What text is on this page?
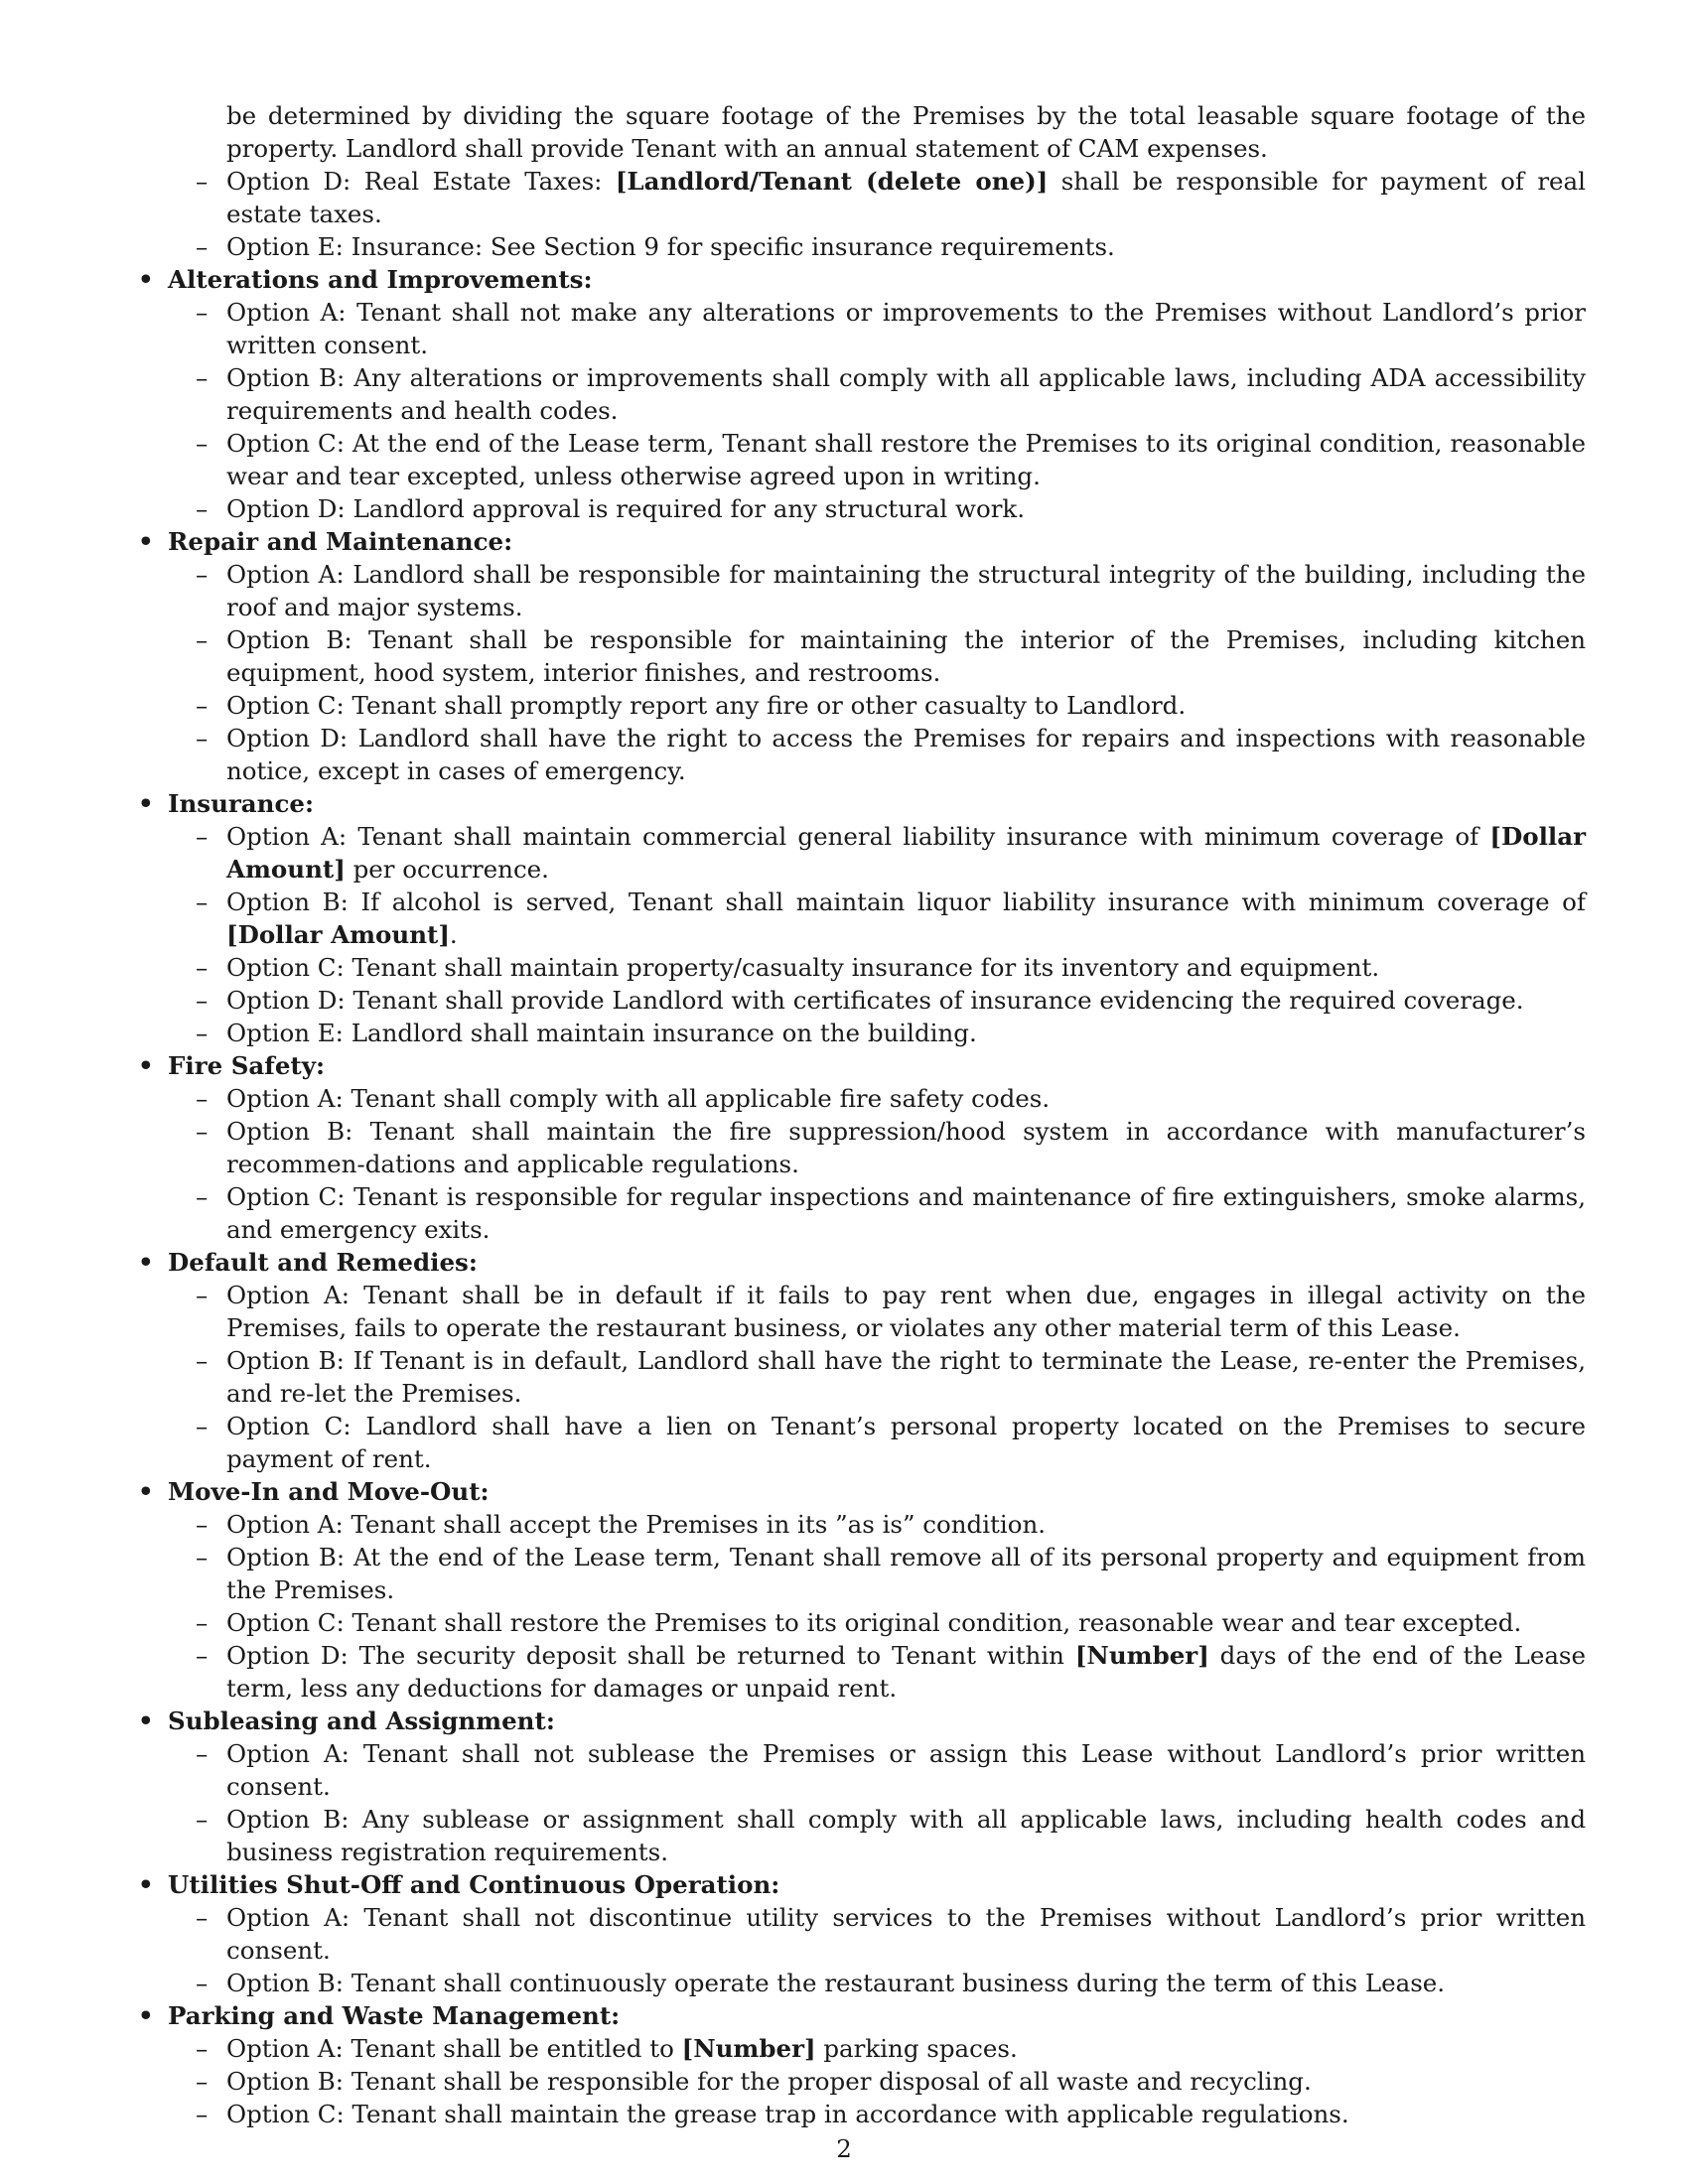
be determined by dividing the square footage of the Premises by the total leasable square footage of the property. Landlord shall provide Tenant with an annual statement of CAM expenses.

– Option D: Real Estate Taxes: [Landlord/Tenant (delete one)] shall be responsible for payment of real estate taxes.

– Option E: Insurance: See Section 9 for specific insurance requirements.

• Alterations and Improvements:

– Option A: Tenant shall not make any alterations or improvements to the Premises without Landlord’s prior written consent.

– Option B: Any alterations or improvements shall comply with all applicable laws, including ADA accessibility requirements and health codes.

– Option C: At the end of the Lease term, Tenant shall restore the Premises to its original condition, reasonable wear and tear excepted, unless otherwise agreed upon in writing.

– Option D: Landlord approval is required for any structural work.

• Repair and Maintenance:

– Option A: Landlord shall be responsible for maintaining the structural integrity of the building, including the roof and major systems.

– Option B: Tenant shall be responsible for maintaining the interior of the Premises, including kitchen equipment, hood system, interior finishes, and restrooms.

– Option C: Tenant shall promptly report any fire or other casualty to Landlord.

– Option D: Landlord shall have the right to access the Premises for repairs and inspections with reasonable notice, except in cases of emergency.

• Insurance:

– Option A: Tenant shall maintain commercial general liability insurance with minimum coverage of [Dollar Amount] per occurrence.

– Option B: If alcohol is served, Tenant shall maintain liquor liability insurance with minimum coverage of [Dollar Amount].

– Option C: Tenant shall maintain property/casualty insurance for its inventory and equipment.

– Option D: Tenant shall provide Landlord with certificates of insurance evidencing the required coverage.

– Option E: Landlord shall maintain insurance on the building.

• Fire Safety:

– Option A: Tenant shall comply with all applicable fire safety codes.

– Option B: Tenant shall maintain the fire suppression/hood system in accordance with manufacturer’s recommen-dations and applicable regulations.

– Option C: Tenant is responsible for regular inspections and maintenance of fire extinguishers, smoke alarms, and emergency exits.

• Default and Remedies:

– Option A: Tenant shall be in default if it fails to pay rent when due, engages in illegal activity on the Premises, fails to operate the restaurant business, or violates any other material term of this Lease.

– Option B: If Tenant is in default, Landlord shall have the right to terminate the Lease, re-enter the Premises, and re-let the Premises.

– Option C: Landlord shall have a lien on Tenant’s personal property located on the Premises to secure payment of rent.

• Move-In and Move-Out:

– Option A: Tenant shall accept the Premises in its ”as is” condition.

– Option B: At the end of the Lease term, Tenant shall remove all of its personal property and equipment from the Premises.

– Option C: Tenant shall restore the Premises to its original condition, reasonable wear and tear excepted.

– Option D: The security deposit shall be returned to Tenant within [Number] days of the end of the Lease term, less any deductions for damages or unpaid rent.

• Subleasing and Assignment:

– Option A: Tenant shall not sublease the Premises or assign this Lease without Landlord’s prior written consent.

– Option B: Any sublease or assignment shall comply with all applicable laws, including health codes and business registration requirements.

• Utilities Shut-Off and Continuous Operation:

– Option A: Tenant shall not discontinue utility services to the Premises without Landlord’s prior written consent.

– Option B: Tenant shall continuously operate the restaurant business during the term of this Lease.

• Parking and Waste Management:

– Option A: Tenant shall be entitled to [Number] parking spaces.

– Option B: Tenant shall be responsible for the proper disposal of all waste and recycling.

– Option C: Tenant shall maintain the grease trap in accordance with applicable regulations.

2
